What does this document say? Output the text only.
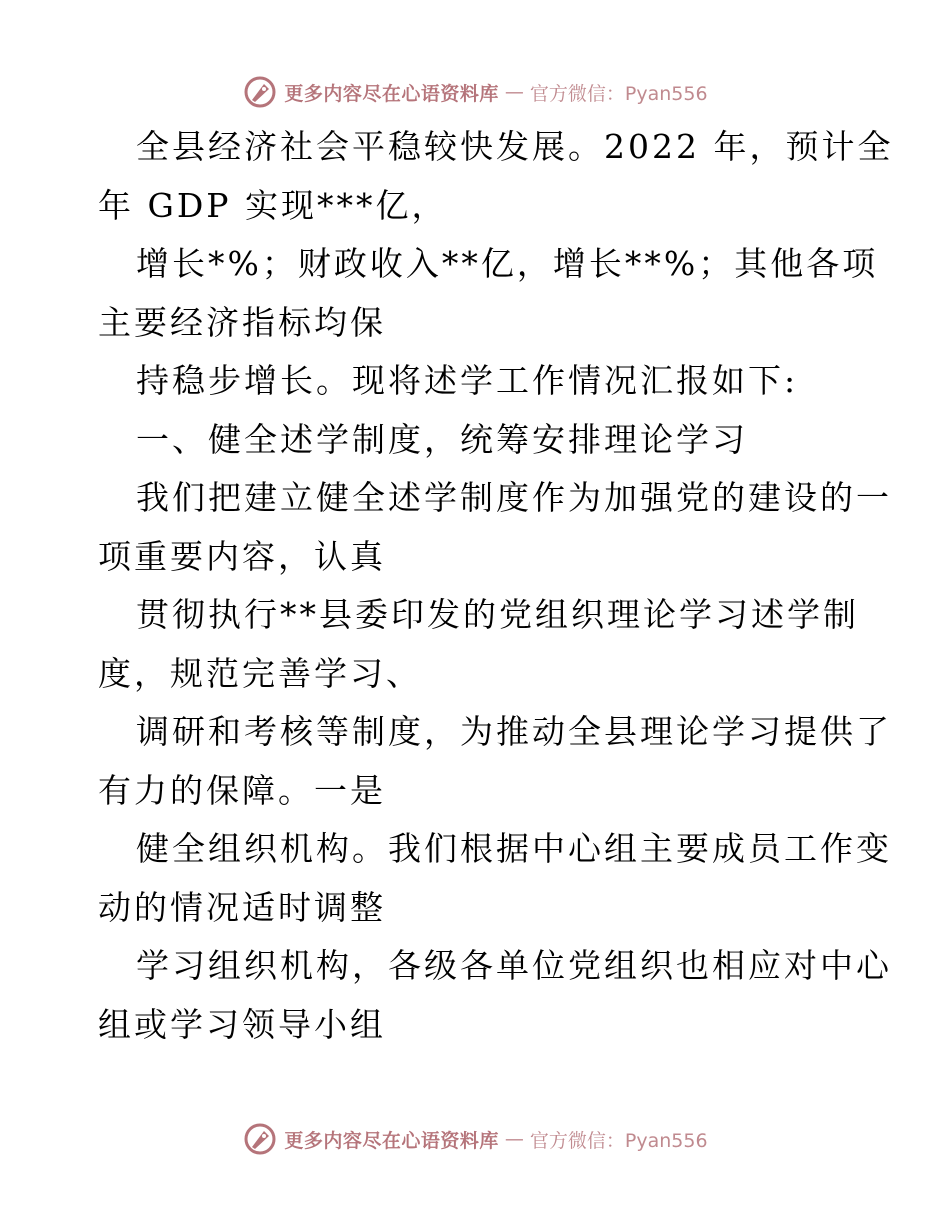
更多内容尽在心语资料库 — 官方微信：Pyan556

全县经济社会平稳较快发展。2022 年，预计全

年 GDP 实现***亿，

增长*%；财政收入**亿，增长**%；其他各项

主要经济指标均保

持稳步增长。现将述学工作情况汇报如下:

一、健全述学制度，统筹安排理论学习

我们把建立健全述学制度作为加强党的建设的一

项重要内容，认真

贯彻执行**县委印发的党组织理论学习述学制

度，规范完善学习、

调研和考核等制度，为推动全县理论学习提供了

有力的保障。一是

健全组织机构。我们根据中心组主要成员工作变

动的情况适时调整

学习组织机构，各级各单位党组织也相应对中心

组或学习领导小组

更多内容尽在心语资料库 — 官方微信：Pyan556
